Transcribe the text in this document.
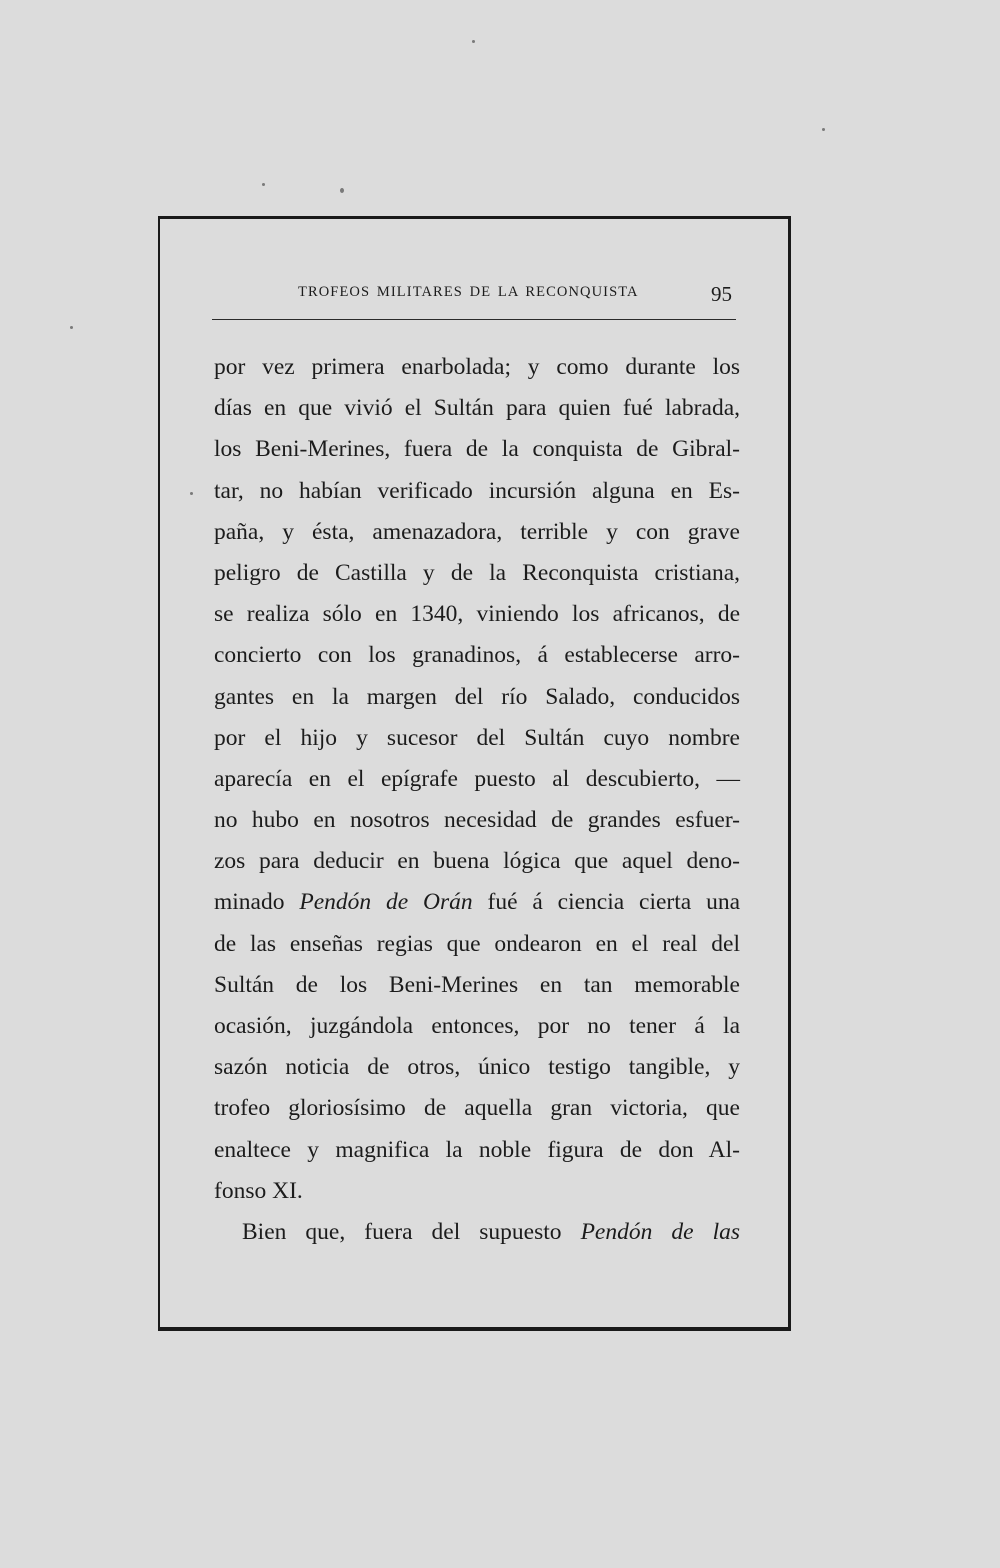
TROFEOS MILITARES DE LA RECONQUISTA	95
por vez primera enarbolada; y como durante los
días en que vivió el Sultán para quien fué labrada,
los Beni-Merines, fuera de la conquista de Gibral-
tar, no habían verificado incursión alguna en Es-
paña, y ésta, amenazadora, terrible y con grave
peligro de Castilla y de la Reconquista cristiana,
se realiza sólo en 1340, viniendo los africanos, de
concierto con los granadinos, á establecerse arro-
gantes en la margen del río Salado, conducidos
por el hijo y sucesor del Sultán cuyo nombre
aparecía en el epígrafe puesto al descubierto, —
no hubo en nosotros necesidad de grandes esfuer-
zos para deducir en buena lógica que aquel deno-
minado Pendón de Orán fué á ciencia cierta una
de las enseñas regias que ondearon en el real del
Sultán de los Beni-Merines en tan memorable
ocasión, juzgándola entonces, por no tener á la
sazón noticia de otros, único testigo tangible, y
trofeo gloriosísimo de aquella gran victoria, que
enaltece y magnifica la noble figura de don Al-
fonso XI.
Bien que, fuera del supuesto Pendón de las
